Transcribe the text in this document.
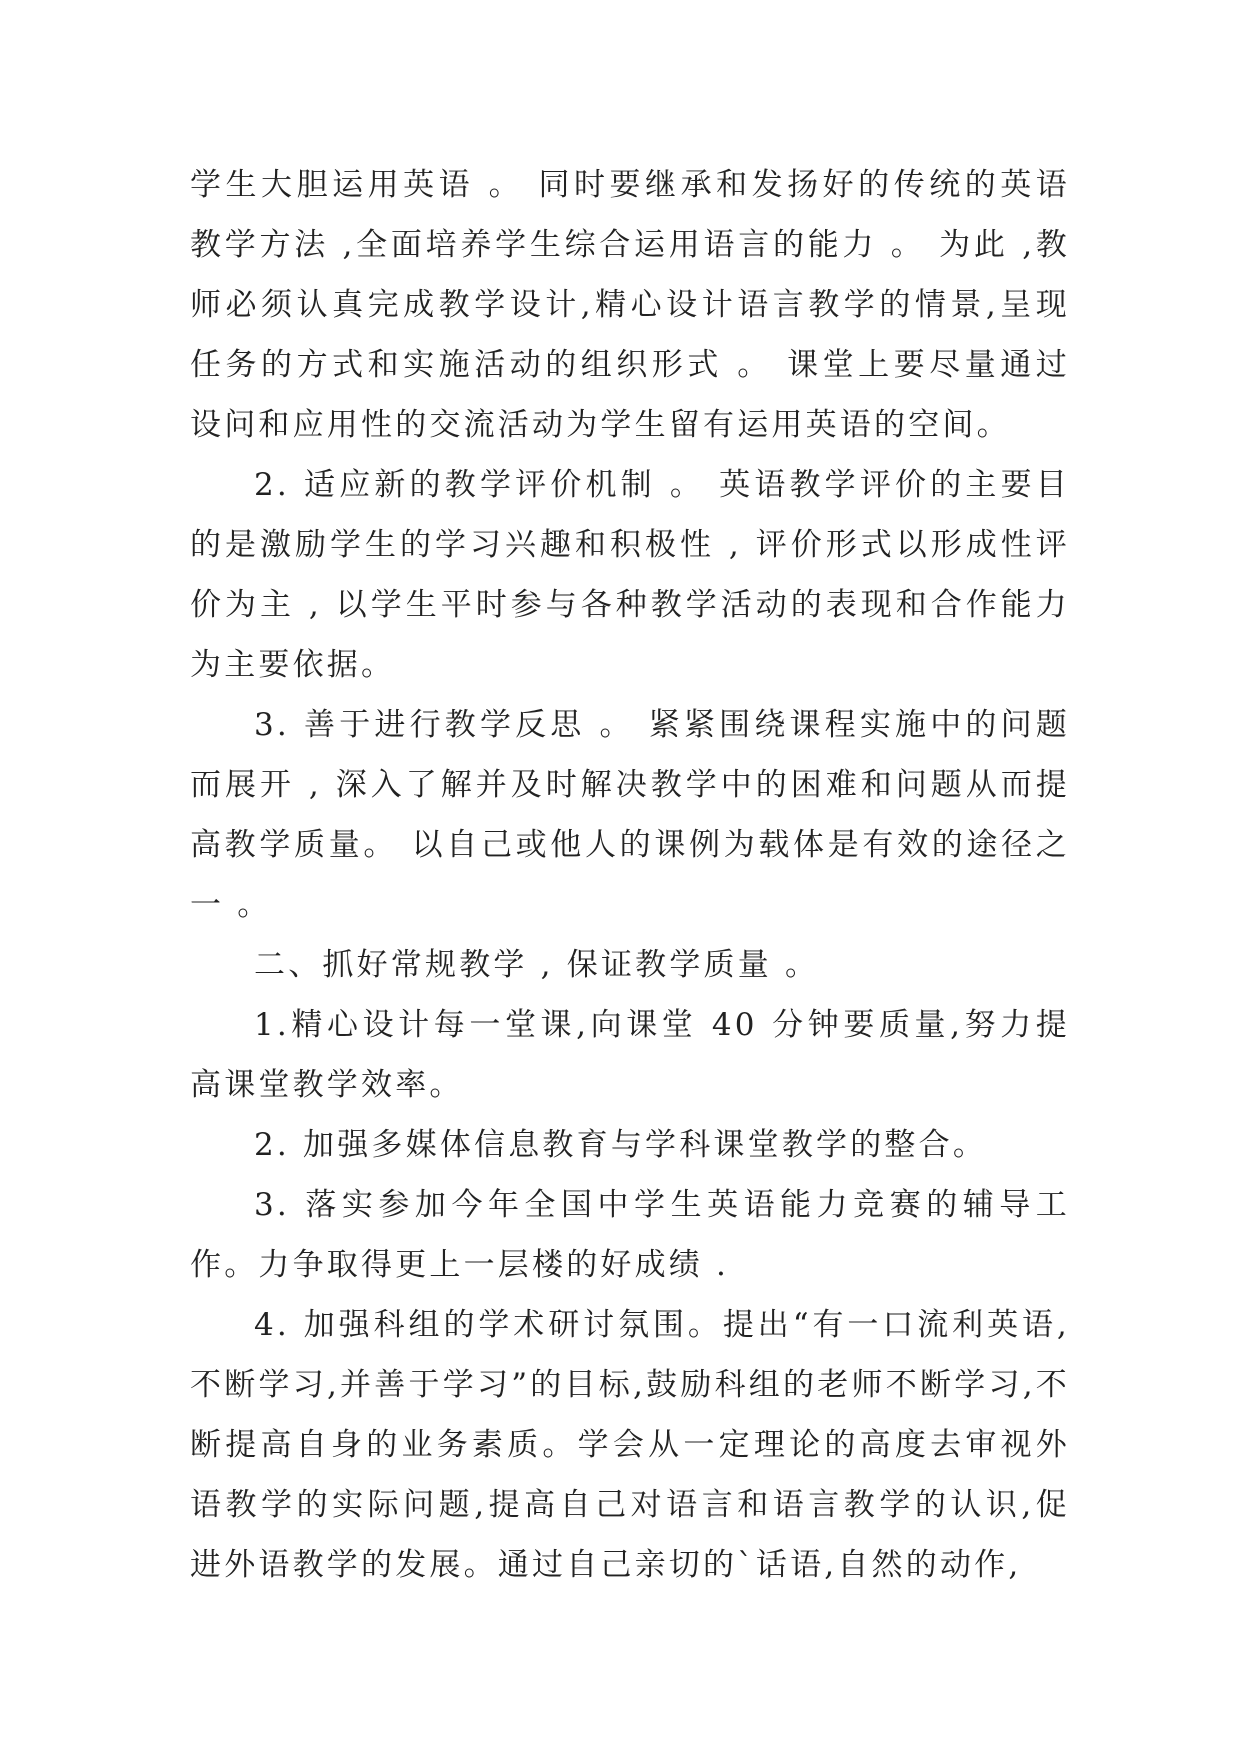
学生大胆运用英语 。 同时要继承和发扬好的传统的英语教学方法 ,全面培养学生综合运用语言的能力 。 为此 ,教师必须认真完成教学设计,精心设计语言教学的情景,呈现任务的方式和实施活动的组织形式 。 课堂上要尽量通过设问和应用性的交流活动为学生留有运用英语的空间。

2. 适应新的教学评价机制 。 英语教学评价的主要目的是激励学生的学习兴趣和积极性 , 评价形式以形成性评价为主 , 以学生平时参与各种教学活动的表现和合作能力为主要依据。

3. 善于进行教学反思 。 紧紧围绕课程实施中的问题而展开 , 深入了解并及时解决教学中的困难和问题从而提高教学质量。 以自己或他人的课例为载体是有效的途径之一 。

二、抓好常规教学 , 保证教学质量 。

1.精心设计每一堂课,向课堂 40 分钟要质量,努力提高课堂教学效率。

2. 加强多媒体信息教育与学科课堂教学的整合。

3. 落实参加今年全国中学生英语能力竞赛的辅导工作。力争取得更上一层楼的好成绩 .

4. 加强科组的学术研讨氛围。提出“有一口流利英语,不断学习,并善于学习”的目标,鼓励科组的老师不断学习,不断提高自身的业务素质。学会从一定理论的高度去审视外语教学的实际问题,提高自己对语言和语言教学的认识,促进外语教学的发展。通过自己亲切的`话语,自然的动作,
